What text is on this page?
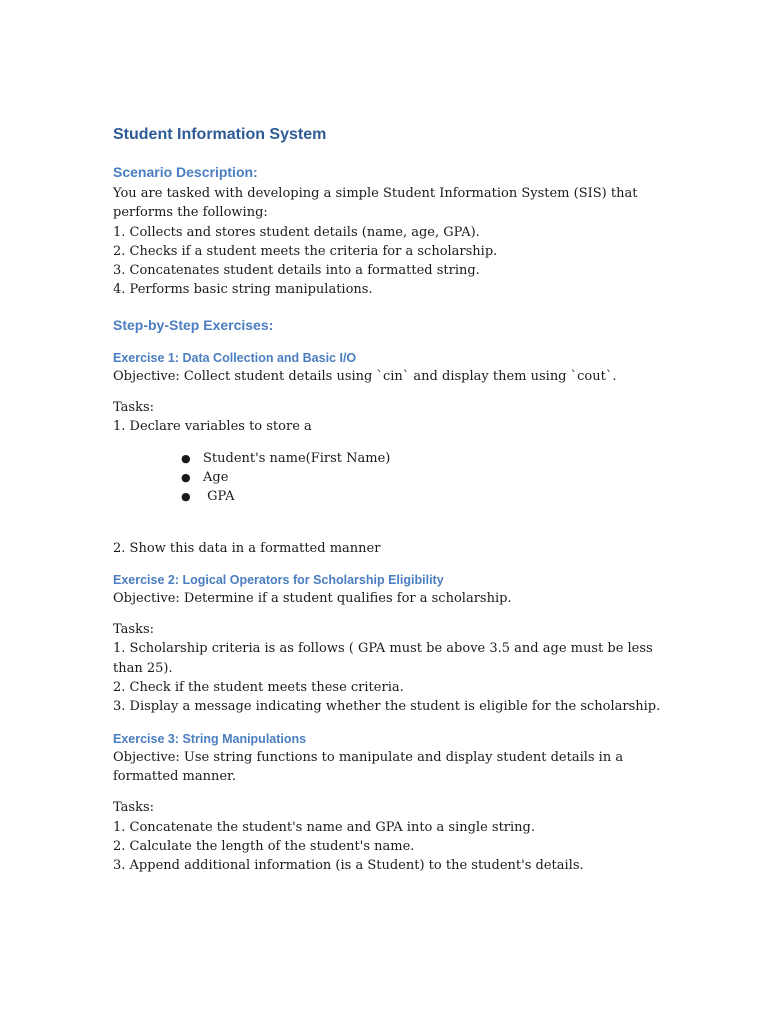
Student Information System
Scenario Description:

You are tasked with developing a simple Student Information System (SIS) that performs the following:

1. Collects and stores student details (name, age, GPA).

2. Checks if a student meets the criteria for a scholarship.

3. Concatenates student details into a formatted string.

4. Performs basic string manipulations.

Step-by-Step Exercises:
Exercise 1: Data Collection and Basic I/O

Objective: Collect student details using `cin` and display them using `cout`.

Tasks:

1. Declare variables to store a

● Student's name(First Name)
● Age
● GPA

2. Show this data in a formatted manner

Exercise 2: Logical Operators for Scholarship Eligibility

Objective: Determine if a student qualifies for a scholarship.

Tasks:

1. Scholarship criteria is as follows ( GPA must be above 3.5 and age must be less than 25).

2. Check if the student meets these criteria.

3. Display a message indicating whether the student is eligible for the scholarship.

Exercise 3: String Manipulations

Objective: Use string functions to manipulate and display student details in a formatted manner.

Tasks:

1. Concatenate the student's name and GPA into a single string.

2. Calculate the length of the student's name.

3. Append additional information (is a Student) to the student's details.
